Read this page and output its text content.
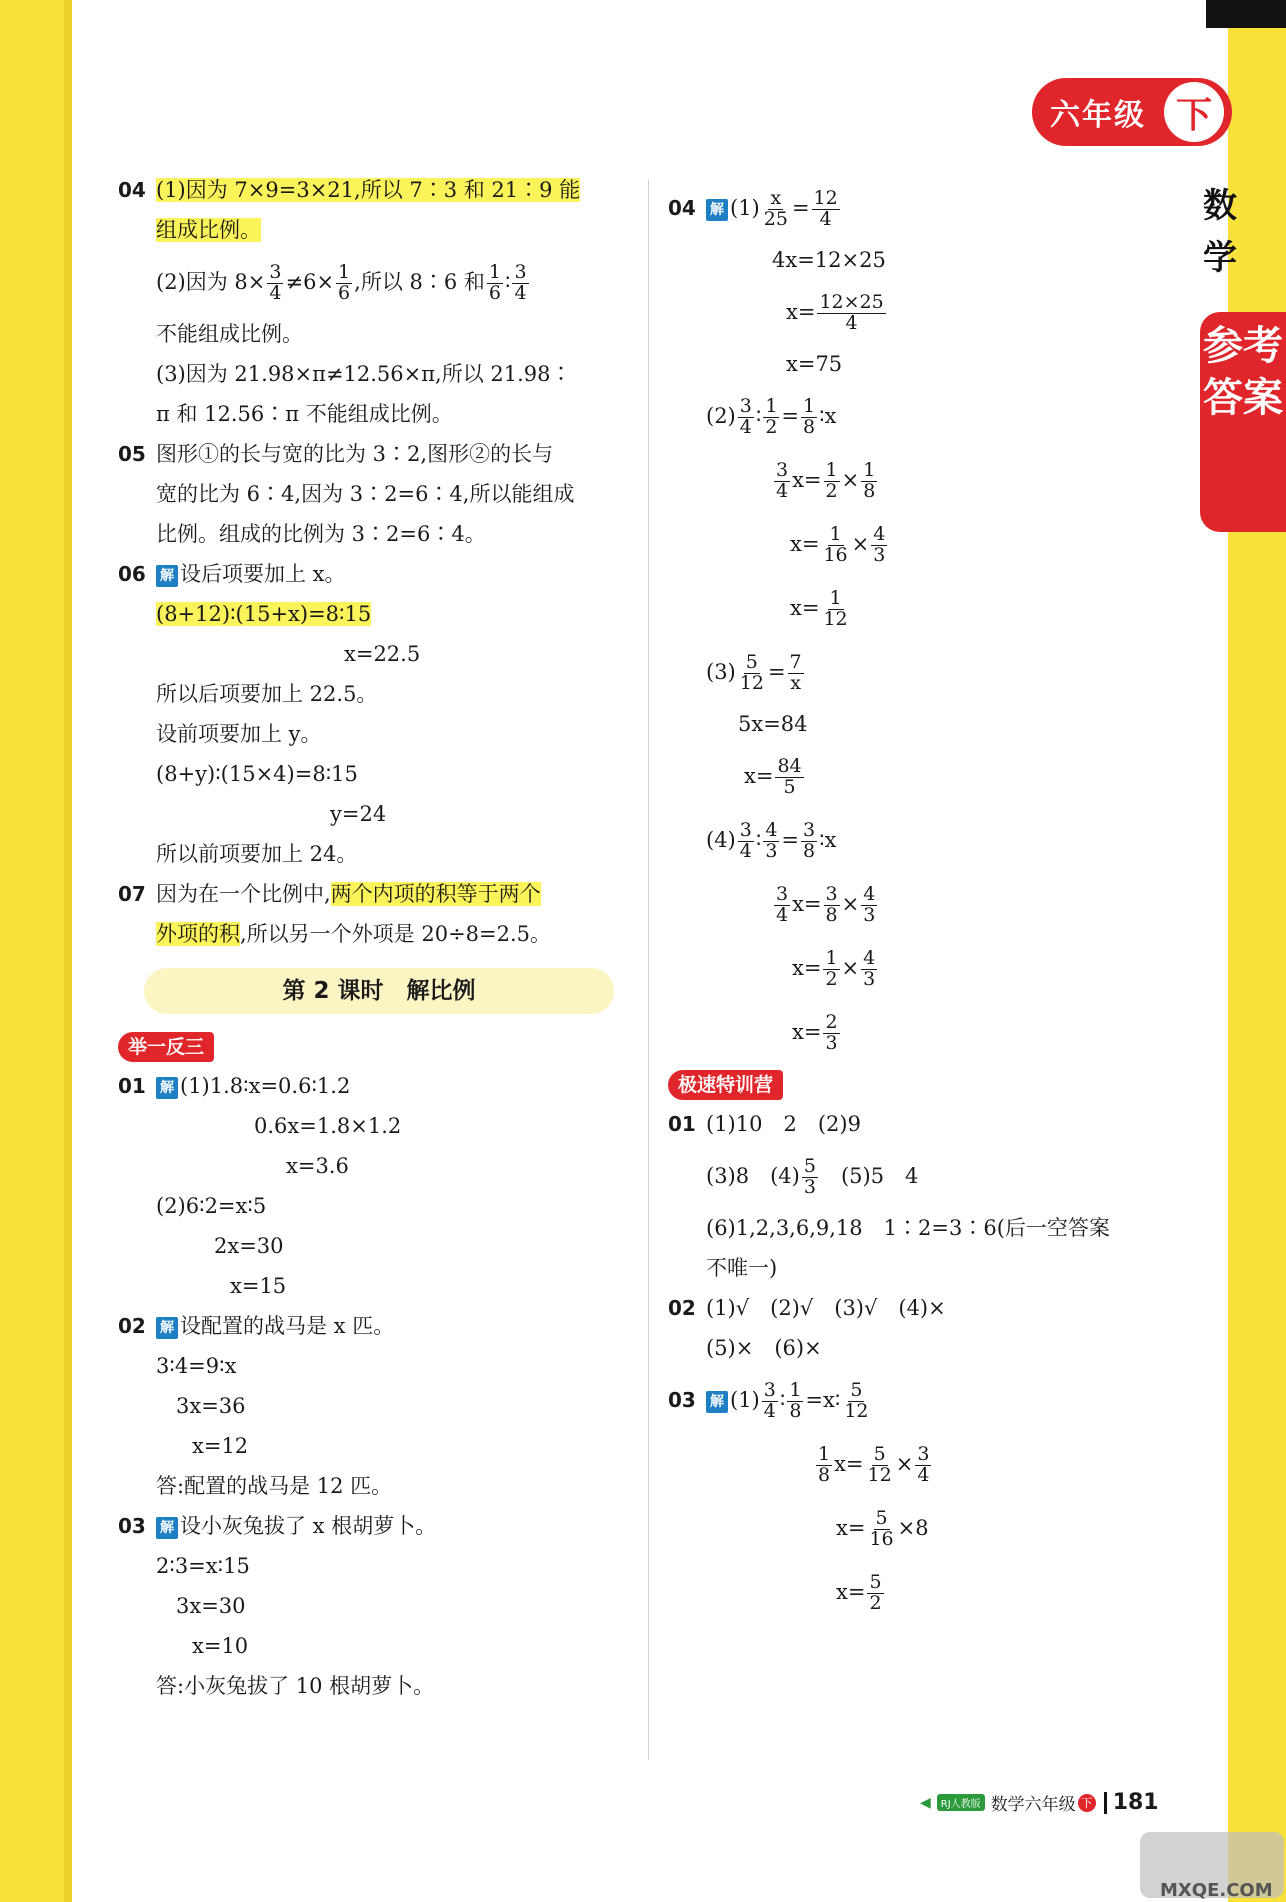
六年级 下
数学
参考答案
04 (1)因为 7×9=3×21,所以 7∶3 和 21∶9 能
组成比例。
(2)因为 $8\times \frac{3}{4} \ne 6\times \frac{1}{6}$ ,所以 8∶6 和 $\frac{1}{6}$ ∶ $\frac{3}{4}$
不能组成比例。
(3)因为 21.98×π≠12.56×π,所以 21.98∶
π 和 12.56∶π 不能组成比例。
05 图形①的长与宽的比为 3∶2,图形②的长与
宽的比为 6∶4,因为 3∶2=6∶4,所以能组成
比例。组成的比例为 3∶2=6∶4。
06 解 设后项要加上 x。
(8+12)∶(15+x)=8∶15
x=22.5
所以后项要加上 22.5。
设前项要加上 y。
(8+y)∶(15×4)=8∶15
y=24
所以前项要加上 24。
07 因为在一个比例中,两个内项的积等于两个
外项的积,所以另一个外项是 20÷8=2.5。
第 2 课时　解比例
举一反三
01 解 (1)1.8∶x=0.6∶1.2
0.6x=1.8×1.2
x=3.6
(2)6∶2=x∶5
2x=30
x=15
02 解 设配置的战马是 x 匹。
3∶4=9∶x
3x=36
x=12
答:配置的战马是 12 匹。
03 解 设小灰兔拔了 x 根胡萝卜。
2∶3=x∶15
3x=30
x=10
答:小灰兔拔了 10 根胡萝卜。
04 解 $(1) \frac{x}{25} = \frac{12}{4}$
4x=12×25
$x= \frac{12\times 25}{4}$
x=75
$(2) \frac{3}{4}$ ∶ $\frac{1}{2} = \frac{1}{8}$ ∶x
$\frac{3}{4} x= \frac{1}{2} \times \frac{1}{8}$
$x= \frac{1}{16} \times \frac{4}{3}$
$x= \frac{1}{12}$
$(3) \frac{5}{12} = \frac{7}{x}$
5x=84
$x= \frac{84}{5}$
$(4) \frac{3}{4}$ ∶ $\frac{4}{3} = \frac{3}{8}$ ∶x
$\frac{3}{4} x= \frac{3}{8} \times \frac{4}{3}$
$x= \frac{1}{2} \times \frac{4}{3}$
$x= \frac{2}{3}$
极速特训营
01 (1)10　2　(2)9
(3)8　$(4) \frac{5}{3}$ 　(5)5　4
(6)1,2,3,6,9,18　1∶2=3∶6(后一空答案
不唯一)
02 (1)√　(2)√　(3)√　(4)×
(5)×　(6)×
03 解 $(1) \frac{3}{4}$ ∶ $\frac{1}{8}$ =x∶ $\frac{5}{12}$
$\frac{1}{8} x= \frac{5}{12} \times \frac{3}{4}$
$x= \frac{5}{16} \times 8$
$x= \frac{5}{2}$
◀	RJ人教版 数学六年级 下 181
MXQE.COM
